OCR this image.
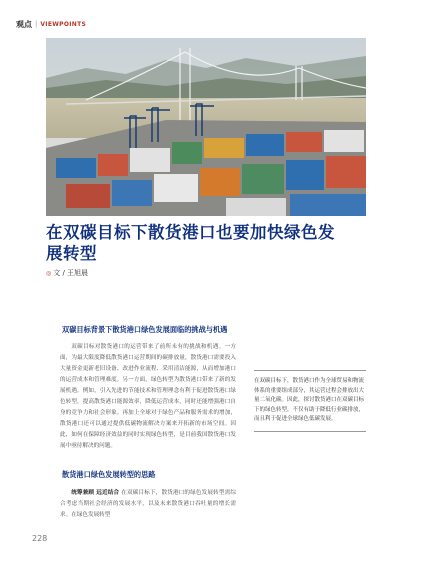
观点 | VIEWPOINTS
在双碳目标下散货港口也要加快绿色发展转型
◎ 文 / 王旭晨
双碳目标背景下散货港口绿色发展面临的挑战与机遇
双碳目标对散货港口的运营带来了前所未有的挑战和机遇。一方面，为最大限度降低散货港口运营期间的碳排放量，散货港口需要投入大量资金更新老旧设备、改进作业流程、采用清洁能源，从而增加港口的运营成本和管理难度。另一方面，绿色转型为散货港口带来了新的发展机遇。例如，引入先进的节能技术和管理理念有利于促进散货港口绿色转型，提高散货港口能源效率，降低运营成本，同时还能增强港口自身的竞争力和社会形象。再加上全球对于绿色产品和服务需求的增加，散货港口还可以通过提供低碳物流解决方案来开拓新的市场空间。因此，如何在保障经济效益的同时实现绿色转型，是目前我国散货港口发展中亟待解决的问题。
在双碳目标下，散货港口作为全球贸易和物流体系的重要组成部分，其运营过程会排放出大量二氧化碳。因此，探讨散货港口在双碳目标下的绿色转型，不仅有助于降低行业碳排放，而且利于促进全球绿色低碳发展。
散货港口绿色发展转型的思路
统筹兼顾 远近结合 在双碳目标下，散货港口的绿色发展转型需综合考虑当期社会经济的发展水平，以及未来散货港口吞吐量的增长需求。在绿色发展转型
228
